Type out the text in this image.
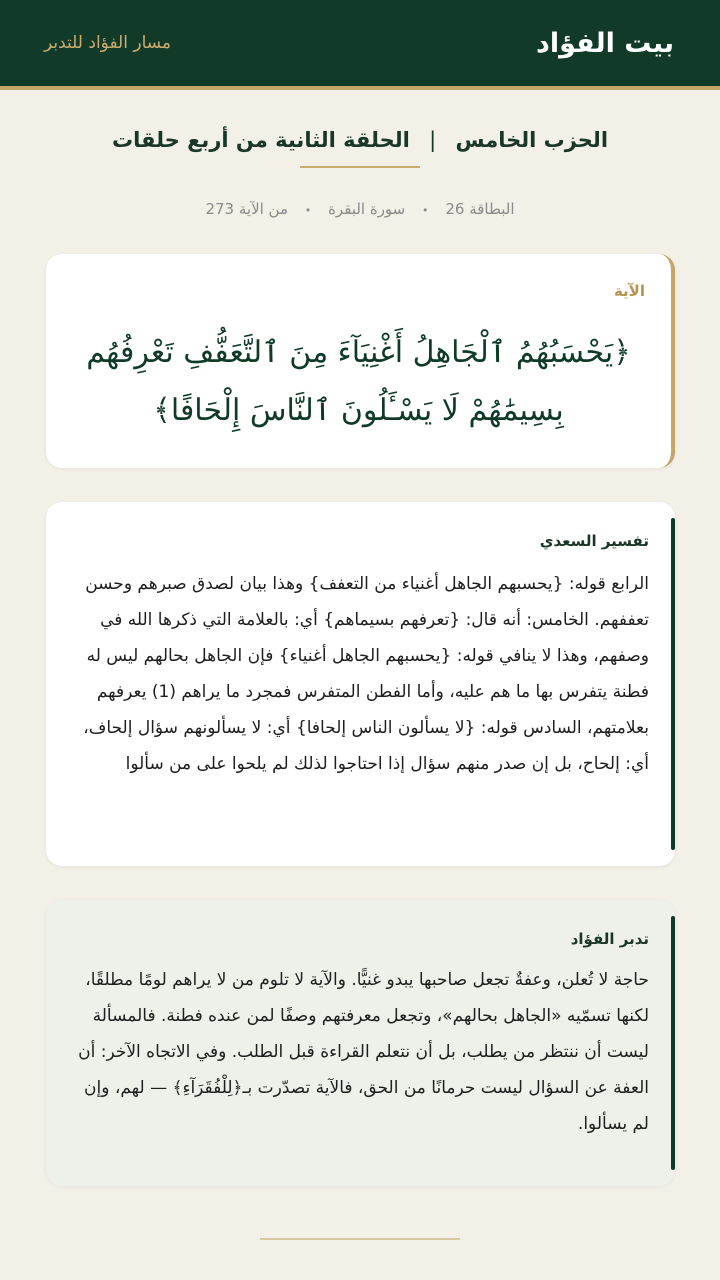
بيت الفؤاد
مسار الفؤاد للتدبر
الحزب الخامس | الحلقة الثانية من أربع حلقات
البطاقة 26 • سورة البقرة • من الآية 273
الآية
﴿يَحْسَبُهُمُ ٱلْجَاهِلُ أَغْنِيَآءَ مِنَ ٱلتَّعَفُّفِ تَعْرِفُهُم بِسِيمَٰهُمْ لَا يَسْـَٔلُونَ ٱلنَّاسَ إِلْحَافًا﴾
تفسير السعدي

الرابع قوله: {يحسبهم الجاهل أغنياء من التعفف} وهذا بيان لصدق صبرهم وحسن تعففهم. الخامس: أنه قال: {تعرفهم بسيماهم} أي: بالعلامة التي ذكرها الله في وصفهم، وهذا لا ينافي قوله: {يحسبهم الجاهل أغنياء} فإن الجاهل بحالهم ليس له فطنة يتفرس بها ما هم عليه، وأما الفطن المتفرس فمجرد ما يراهم (1) يعرفهم بعلامتهم، السادس قوله: {لا يسألون الناس إلحافا} أي: لا يسألونهم سؤال إلحاف، أي: إلحاح، بل إن صدر منهم سؤال إذا احتاجوا لذلك لم يلحوا على من سألوا

تدبر الفؤاد

حاجة لا تُعلن، وعفةٌ تجعل صاحبها يبدو غنيًّا. والآية لا تلوم من لا يراهم لومًا مطلقًا، لكنها تسمّيه «الجاهل بحالهم»، وتجعل معرفتهم وصفًا لمن عنده فطنة. فالمسألة ليست أن ننتظر من يطلب، بل أن نتعلم القراءة قبل الطلب. وفي الاتجاه الآخر: أن العفة عن السؤال ليست حرمانًا من الحق، فالآية تصدّرت بـ﴿لِلْفُقَرَآءِ﴾ — لهم، وإن لم يسألوا.
